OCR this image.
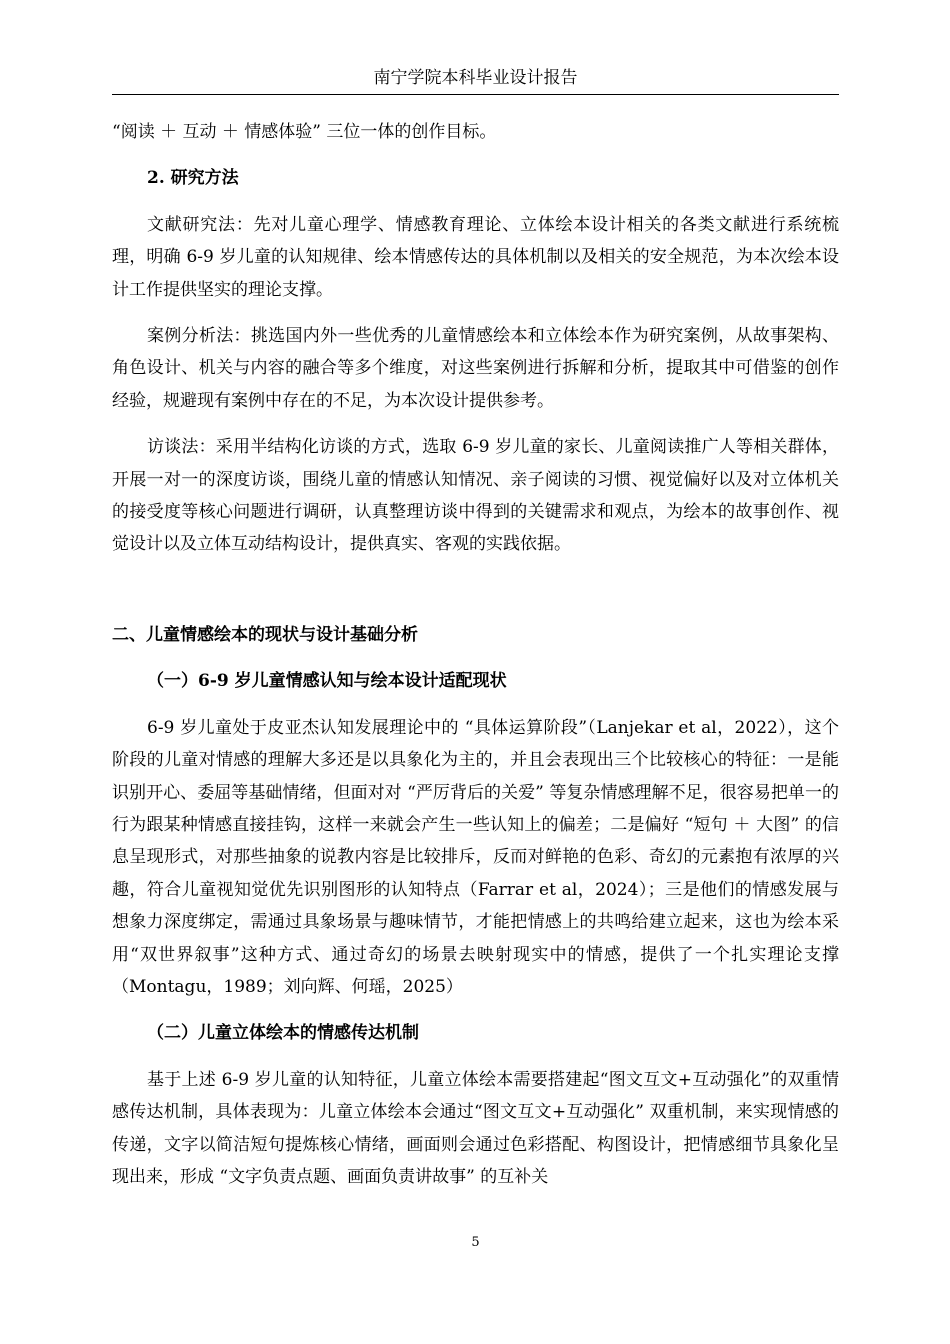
南宁学院本科毕业设计报告

“阅读 ＋ 互动 ＋ 情感体验” 三位一体的创作目标。

2. 研究方法

文献研究法：先对儿童心理学、情感教育理论、立体绘本设计相关的各类文献进行系统梳理，明确 6-9 岁儿童的认知规律、绘本情感传达的具体机制以及相关的安全规范，为本次绘本设计工作提供坚实的理论支撑。

案例分析法：挑选国内外一些优秀的儿童情感绘本和立体绘本作为研究案例，从故事架构、角色设计、机关与内容的融合等多个维度，对这些案例进行拆解和分析，提取其中可借鉴的创作经验，规避现有案例中存在的不足，为本次设计提供参考。

访谈法：采用半结构化访谈的方式，选取 6-9 岁儿童的家长、儿童阅读推广人等相关群体，开展一对一的深度访谈，围绕儿童的情感认知情况、亲子阅读的习惯、视觉偏好以及对立体机关的接受度等核心问题进行调研，认真整理访谈中得到的关键需求和观点，为绘本的故事创作、视觉设计以及立体互动结构设计，提供真实、客观的实践依据。

二、儿童情感绘本的现状与设计基础分析

（一）6-9 岁儿童情感认知与绘本设计适配现状

6-9 岁儿童处于皮亚杰认知发展理论中的 “具体运算阶段”（Lanjekar et al，2022），这个阶段的儿童对情感的理解大多还是以具象化为主的，并且会表现出三个比较核心的特征：一是能识别开心、委屈等基础情绪，但面对对 “严厉背后的关爱” 等复杂情感理解不足，很容易把单一的行为跟某种情感直接挂钩，这样一来就会产生一些认知上的偏差；二是偏好 “短句 ＋ 大图” 的信息呈现形式，对那些抽象的说教内容是比较排斥，反而对鲜艳的色彩、奇幻的元素抱有浓厚的兴趣，符合儿童视知觉优先识别图形的认知特点（Farrar et al，2024）；三是他们的情感发展与想象力深度绑定，需通过具象场景与趣味情节，才能把情感上的共鸣给建立起来，这也为绘本采用“双世界叙事”这种方式、通过奇幻的场景去映射现实中的情感，提供了一个扎实理论支撑（Montagu，1989；刘向辉、何瑶，2025）

（二）儿童立体绘本的情感传达机制

基于上述 6-9 岁儿童的认知特征，儿童立体绘本需要搭建起“图文互文+互动强化”的双重情感传达机制，具体表现为：儿童立体绘本会通过“图文互文+互动强化” 双重机制，来实现情感的传递，文字以简洁短句提炼核心情绪，画面则会通过色彩搭配、构图设计，把情感细节具象化呈现出来，形成 “文字负责点题、画面负责讲故事” 的互补关

5
